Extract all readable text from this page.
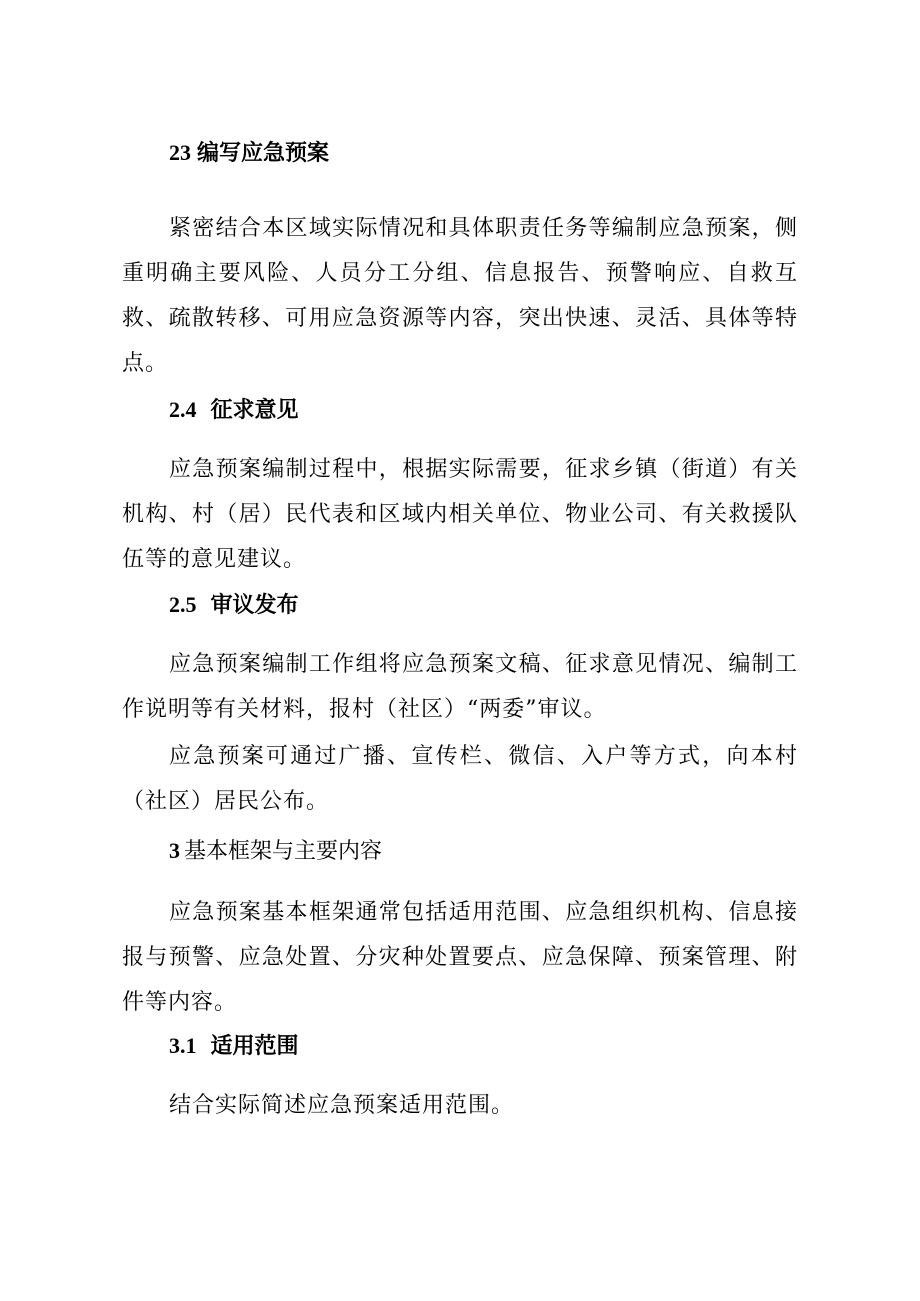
23 编写应急预案
紧密结合本区域实际情况和具体职责任务等编制应急预案，侧重明确主要风险、人员分工分组、信息报告、预警响应、自救互救、疏散转移、可用应急资源等内容，突出快速、灵活、具体等特点。
2.4 征求意见
应急预案编制过程中，根据实际需要，征求乡镇（街道）有关机构、村（居）民代表和区域内相关单位、物业公司、有关救援队伍等的意见建议。
2.5 审议发布
应急预案编制工作组将应急预案文稿、征求意见情况、编制工作说明等有关材料，报村（社区）“两委”审议。
应急预案可通过广播、宣传栏、微信、入户等方式，向本村（社区）居民公布。
3 基本框架与主要内容
应急预案基本框架通常包括适用范围、应急组织机构、信息接报与预警、应急处置、分灾种处置要点、应急保障、预案管理、附件等内容。
3.1 适用范围
结合实际简述应急预案适用范围。
